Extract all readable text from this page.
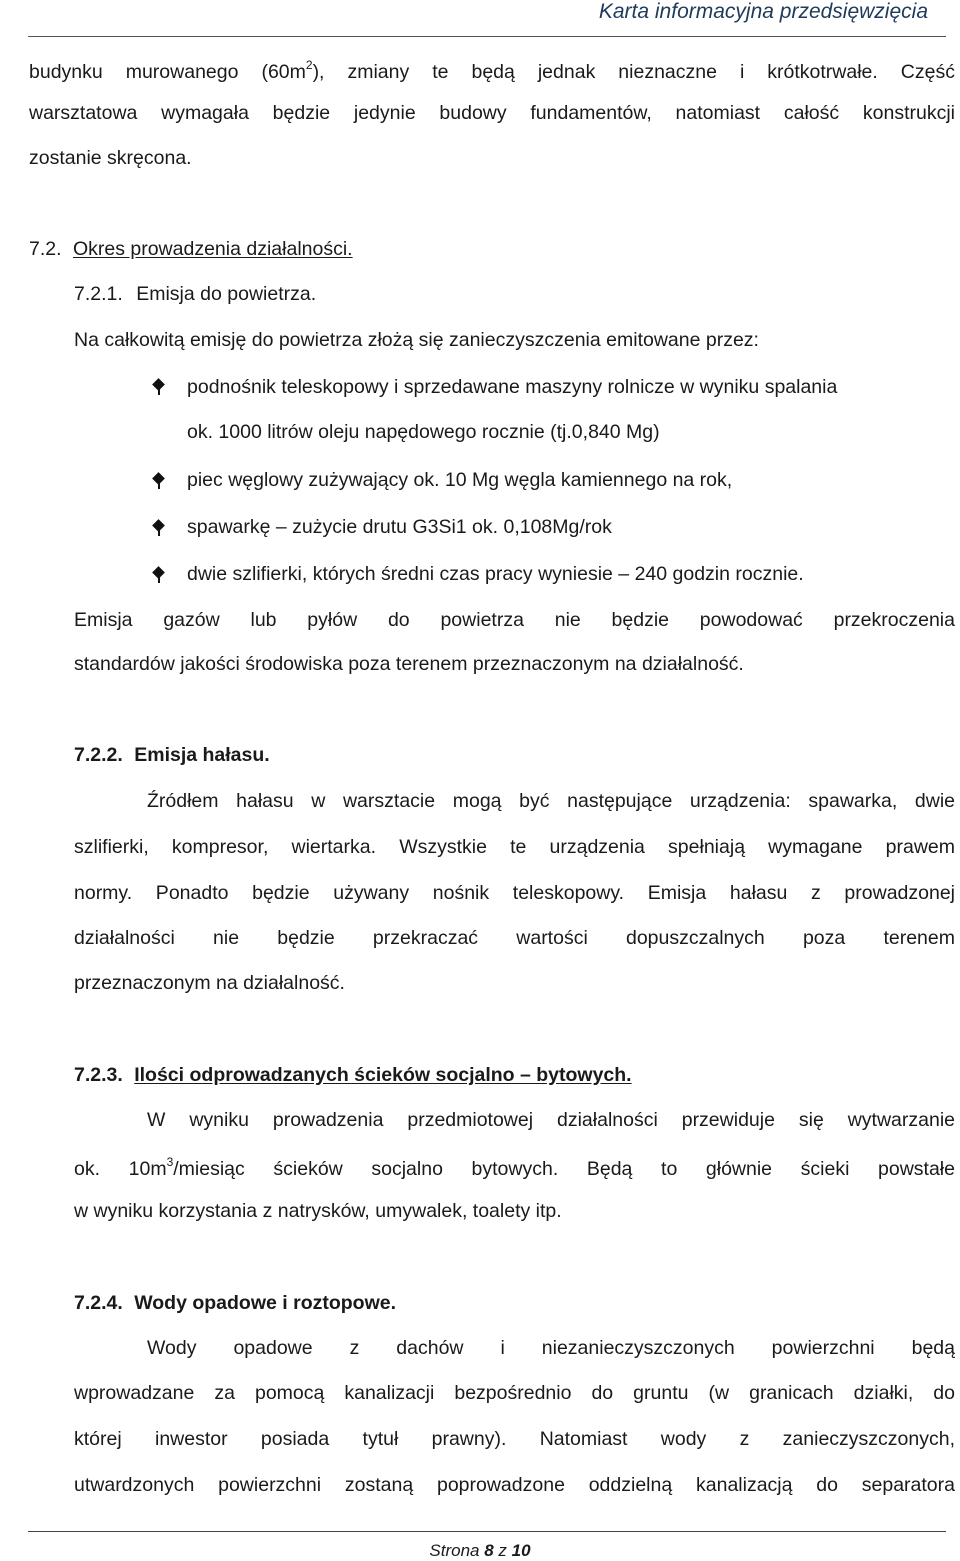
Karta informacyjna przedsięwzięcia
budynku murowanego $(60m^2)$, zmiany te będą jednak nieznaczne i krótkotrwałe. Część
warsztatowa wymagała będzie jedynie budowy fundamentów, natomiast całość konstrukcji
zostanie skręcona.
7.2. Okres prowadzenia działalności.
7.2.1. Emisja do powietrza.
Na całkowitą emisję do powietrza złożą się zanieczyszczenia emitowane przez:
podnośnik teleskopowy i sprzedawane maszyny rolnicze w wyniku spalania
ok. 1000 litrów oleju napędowego rocznie (tj.0,840 Mg)
piec węglowy zużywający ok. 10 Mg węgla kamiennego na rok,
spawarkę – zużycie drutu G3Si1 ok. 0,108Mg/rok
dwie szlifierki, których średni czas pracy wyniesie – 240 godzin rocznie.
Emisja gazów lub pyłów do powietrza nie będzie powodować przekroczenia
standardów jakości środowiska poza terenem przeznaczonym na działalność.
7.2.2. Emisja hałasu.
Źródłem hałasu w warsztacie mogą być następujące urządzenia: spawarka, dwie
szlifierki, kompresor, wiertarka. Wszystkie te urządzenia spełniają wymagane prawem
normy. Ponadto będzie używany nośnik teleskopowy. Emisja hałasu z prowadzonej
działalności nie będzie przekraczać wartości dopuszczalnych poza terenem
przeznaczonym na działalność.
7.2.3. Ilości odprowadzanych ścieków socjalno – bytowych.
W wyniku prowadzenia przedmiotowej działalności przewiduje się wytwarzanie
ok. $10m^3$/miesiąc ścieków socjalno bytowych. Będą to głównie ścieki powstałe
w wyniku korzystania z natrysków, umywalek, toalety itp.
7.2.4. Wody opadowe i roztopowe.
Wody opadowe z dachów i niezanieczyszczonych powierzchni będą
wprowadzane za pomocą kanalizacji bezpośrednio do gruntu (w granicach działki, do
której inwestor posiada tytuł prawny). Natomiast wody z zanieczyszczonych,
utwardzonych powierzchni zostaną poprowadzone oddzielną kanalizacją do separatora
Strona 8 z 10
